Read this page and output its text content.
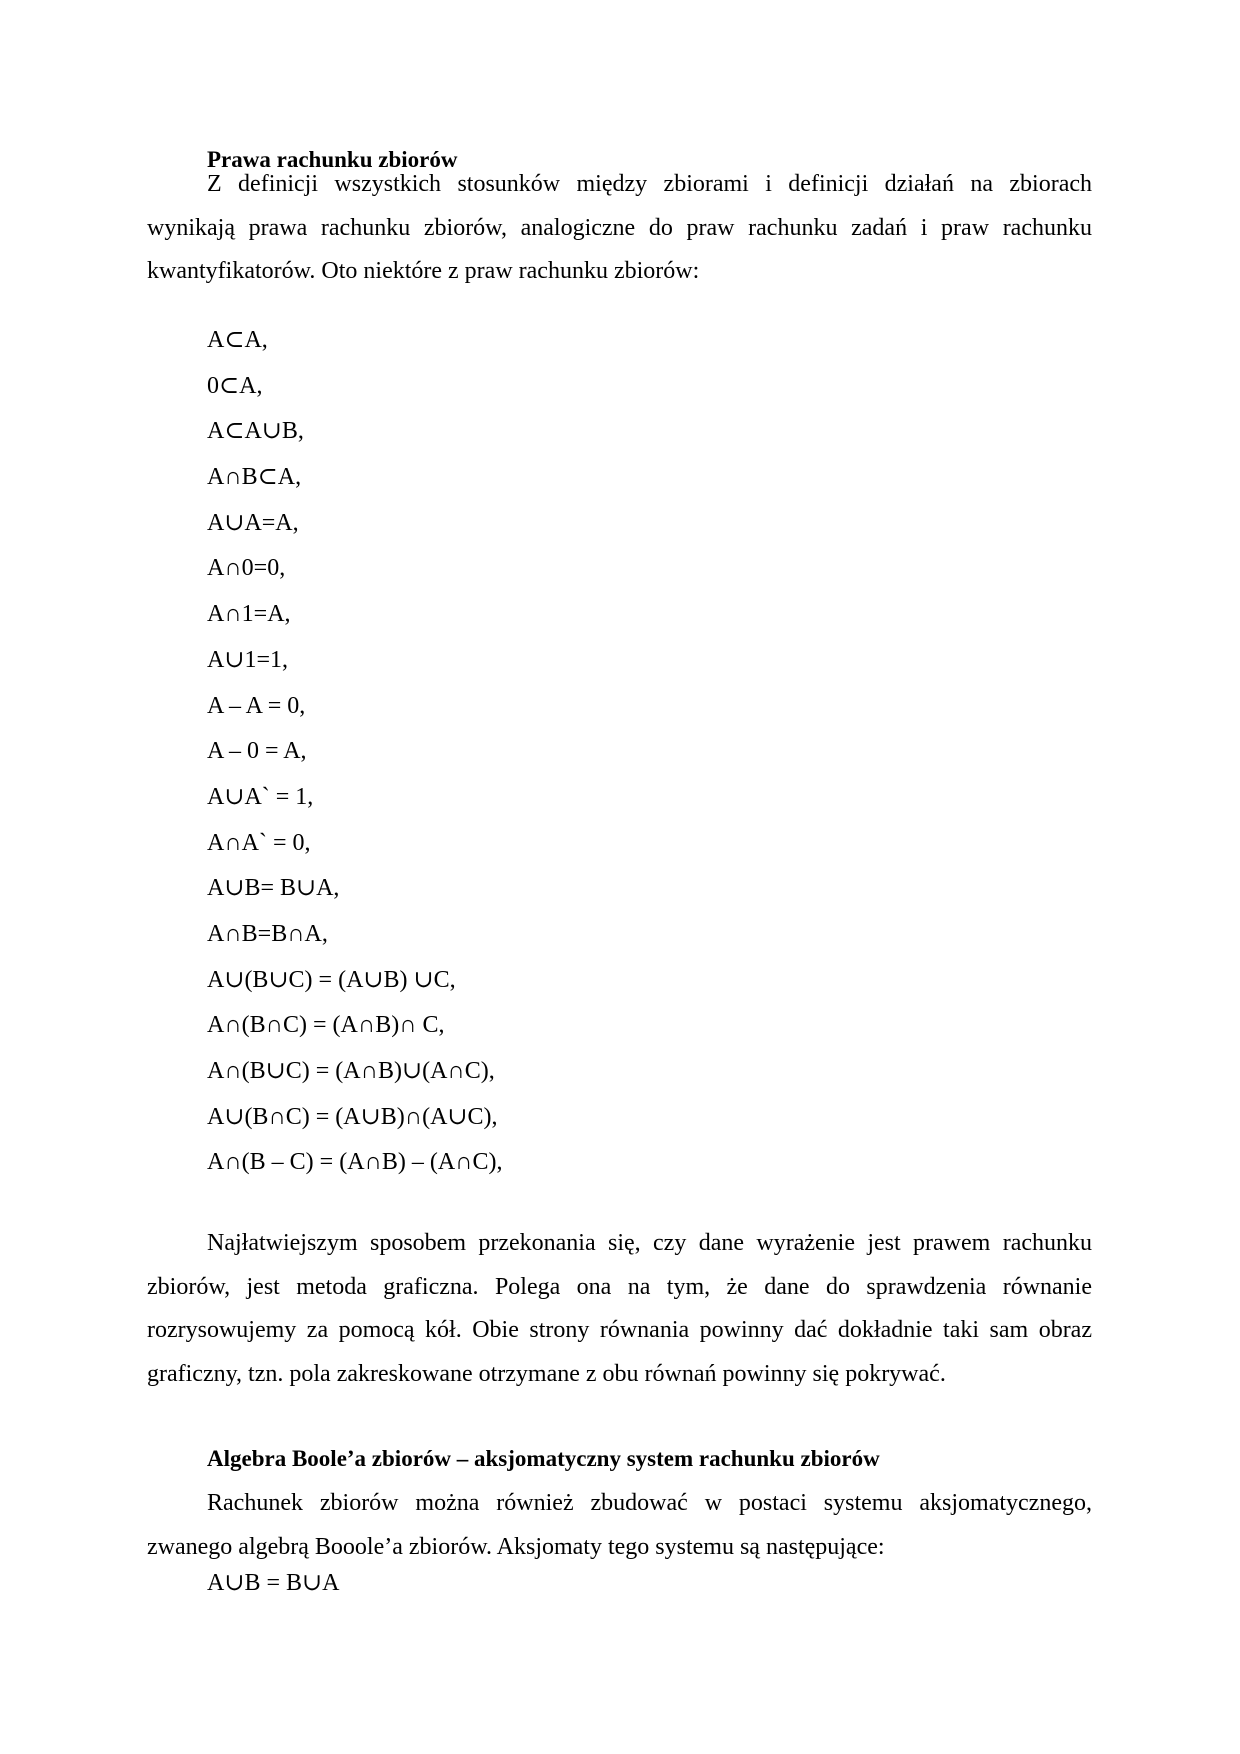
Prawa rachunku zbiorów
Z definicji wszystkich stosunków między zbiorami i definicji działań na zbiorach
wynikają prawa rachunku zbiorów, analogiczne do praw rachunku zadań i praw rachunku
kwantyfikatorów. Oto niektóre z praw rachunku zbiorów:
A⊂A,
0⊂A,
A⊂A∪B,
A∩B⊂A,
A∪A=A,
A∩0=0,
A∩1=A,
A∪1=1,
A – A = 0,
A – 0 = A,
A∪A` = 1,
A∩A` = 0,
A∪B= B∪A,
A∩B=B∩A,
A∪(B∪C) = (A∪B) ∪C,
A∩(B∩C) = (A∩B)∩ C,
A∩(B∪C) = (A∩B)∪(A∩C),
A∪(B∩C) = (A∪B)∩(A∪C),
A∩(B – C) = (A∩B) – (A∩C),
Najłatwiejszym sposobem przekonania się, czy dane wyrażenie jest prawem rachunku
zbiorów, jest metoda graficzna. Polega ona na tym, że dane do sprawdzenia równanie
rozrysowujemy za pomocą kół. Obie strony równania powinny dać dokładnie taki sam obraz
graficzny, tzn. pola zakreskowane otrzymane z obu równań powinny się pokrywać.
Algebra Boole’a zbiorów – aksjomatyczny system rachunku zbiorów
Rachunek zbiorów można również zbudować w postaci systemu aksjomatycznego,
zwanego algebrą Booole’a zbiorów. Aksjomaty tego systemu są następujące:
A∪B = B∪A
